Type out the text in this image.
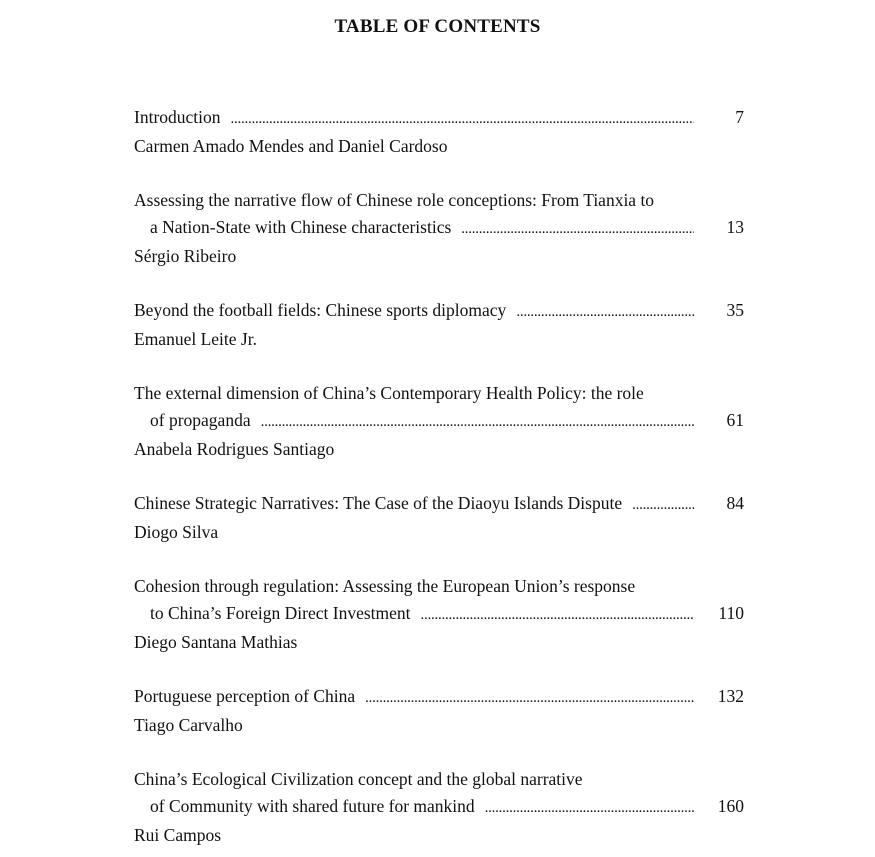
TABLE OF CONTENTS
Introduction . . .	7
Carmen Amado Mendes and Daniel Cardoso
Assessing the narrative flow of Chinese role conceptions: From Tianxia to
a Nation-State with Chinese characteristics . . .	13
Sérgio Ribeiro
Beyond the football fields: Chinese sports diplomacy . . .	35
Emanuel Leite Jr.
The external dimension of China’s Contemporary Health Policy: the role
of propaganda . . .	61
Anabela Rodrigues Santiago
Chinese Strategic Narratives: The Case of the Diaoyu Islands Dispute . . .	84
Diogo Silva
Cohesion through regulation: Assessing the European Union’s response
to China’s Foreign Direct Investment . . .	110
Diego Santana Mathias
Portuguese perception of China . . .	132
Tiago Carvalho
China’s Ecological Civilization concept and the global narrative
of Community with shared future for mankind . . .	160
Rui Campos
